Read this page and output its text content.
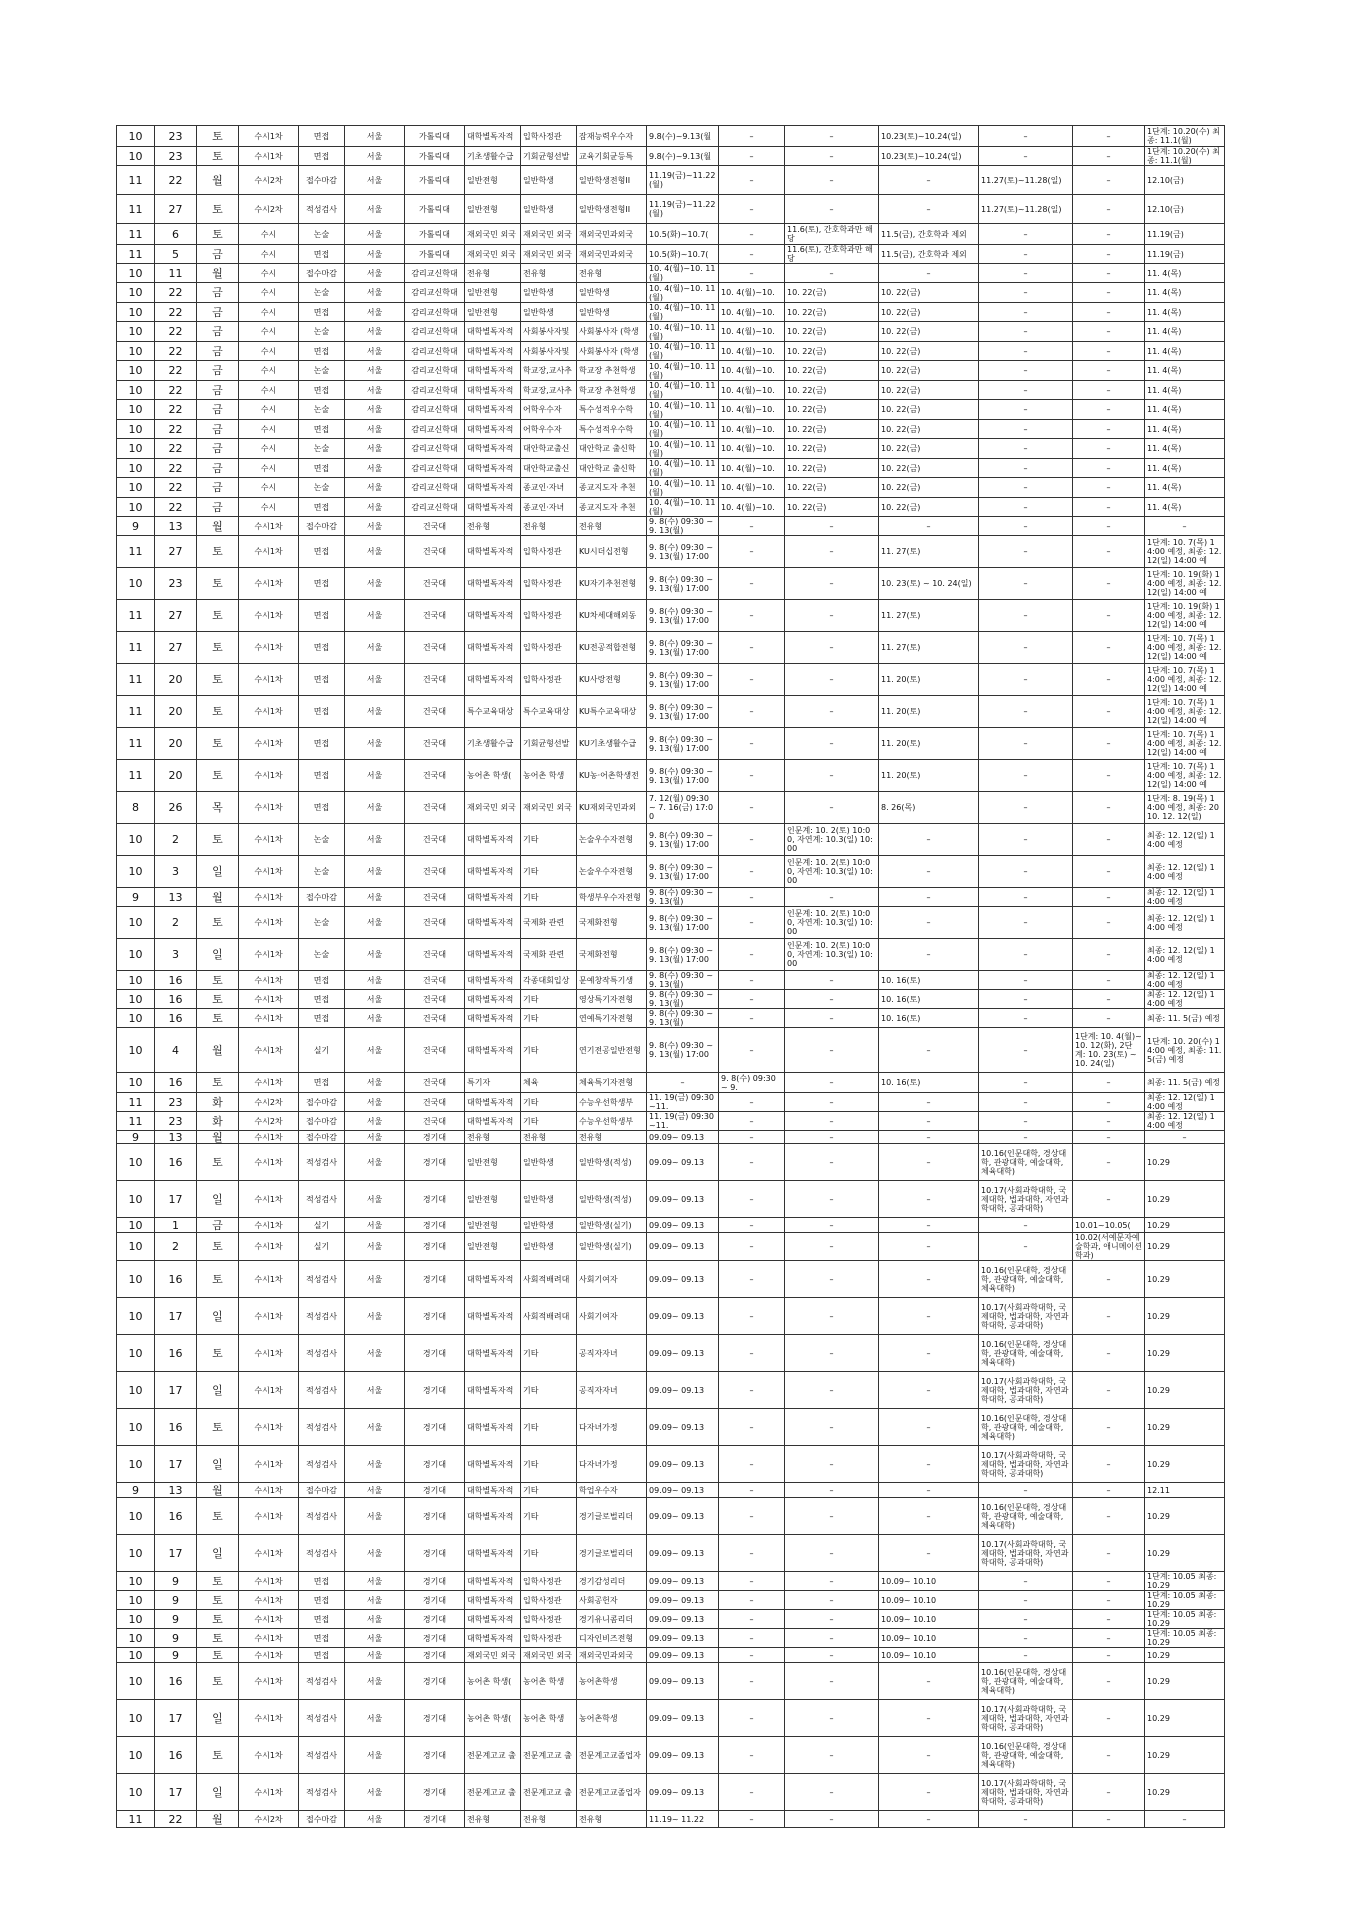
10	23	토	수시1차	면접	서울	가톨릭대	대학별독자적	입학사정관	잠재능력우수자	9.8(수)~9.13(월	–	–	10.23(토)~10.24(일)	–	–	1단계: 10.20(수) 최종: 11.1(월)
10	23	토	수시1차	면접	서울	가톨릭대	기초생활수급	기회균형선발	교육기회균등특	9.8(수)~9.13(월	–	–	10.23(토)~10.24(일)	–	–	1단계: 10.20(수) 최종: 11.1(월)
11	22	월	수시2차	접수마감	서울	가톨릭대	일반전형	일반학생	일반학생전형II	11.19(금)~11.22(월)	–	–	–	11.27(토)~11.28(일)	–	12.10(금)
11	27	토	수시2차	적성검사	서울	가톨릭대	일반전형	일반학생	일반학생전형II	11.19(금)~11.22(월)	–	–	–	11.27(토)~11.28(일)	–	12.10(금)
11	6	토	수시	논술	서울	가톨릭대	재외국민 외국	재외국민 외국	재외국민과외국	10.5(화)~10.7(	–	11.6(토), 간호학과만 해당	11.5(금), 간호학과 제외	–	–	11.19(금)
11	5	금	수시	면접	서울	가톨릭대	재외국민 외국	재외국민 외국	재외국민과외국	10.5(화)~10.7(	–	11.6(토), 간호학과만 해당	11.5(금), 간호학과 제외	–	–	11.19(금)
10	11	월	수시	접수마감	서울	감리교신학대	전유형	전유형	전유형	10. 4(월)~10. 11(월)	–	–	–	–	–	11. 4(목)
10	22	금	수시	논술	서울	감리교신학대	일반전형	일반학생	일반학생	10. 4(월)~10. 11(월)	10. 4(월)~10.	10. 22(금)	10. 22(금)	–	–	11. 4(목)
10	22	금	수시	면접	서울	감리교신학대	일반전형	일반학생	일반학생	10. 4(월)~10. 11(월)	10. 4(월)~10.	10. 22(금)	10. 22(금)	–	–	11. 4(목)
10	22	금	수시	논술	서울	감리교신학대	대학별독자적	사회봉사자및	사회봉사자 (학생	10. 4(월)~10. 11(월)	10. 4(월)~10.	10. 22(금)	10. 22(금)	–	–	11. 4(목)
10	22	금	수시	면접	서울	감리교신학대	대학별독자적	사회봉사자및	사회봉사자 (학생	10. 4(월)~10. 11(월)	10. 4(월)~10.	10. 22(금)	10. 22(금)	–	–	11. 4(목)
10	22	금	수시	논술	서울	감리교신학대	대학별독자적	학교장,교사추	학교장 추천학생	10. 4(월)~10. 11(월)	10. 4(월)~10.	10. 22(금)	10. 22(금)	–	–	11. 4(목)
10	22	금	수시	면접	서울	감리교신학대	대학별독자적	학교장,교사추	학교장 추천학생	10. 4(월)~10. 11(월)	10. 4(월)~10.	10. 22(금)	10. 22(금)	–	–	11. 4(목)
10	22	금	수시	논술	서울	감리교신학대	대학별독자적	어학우수자	특수성적우수학	10. 4(월)~10. 11(월)	10. 4(월)~10.	10. 22(금)	10. 22(금)	–	–	11. 4(목)
10	22	금	수시	면접	서울	감리교신학대	대학별독자적	어학우수자	특수성적우수학	10. 4(월)~10. 11(월)	10. 4(월)~10.	10. 22(금)	10. 22(금)	–	–	11. 4(목)
10	22	금	수시	논술	서울	감리교신학대	대학별독자적	대안학교출신	대안학교 출신학	10. 4(월)~10. 11(월)	10. 4(월)~10.	10. 22(금)	10. 22(금)	–	–	11. 4(목)
10	22	금	수시	면접	서울	감리교신학대	대학별독자적	대안학교출신	대안학교 출신학	10. 4(월)~10. 11(월)	10. 4(월)~10.	10. 22(금)	10. 22(금)	–	–	11. 4(목)
10	22	금	수시	논술	서울	감리교신학대	대학별독자적	종교인·자녀	종교지도자 추천	10. 4(월)~10. 11(월)	10. 4(월)~10.	10. 22(금)	10. 22(금)	–	–	11. 4(목)
10	22	금	수시	면접	서울	감리교신학대	대학별독자적	종교인·자녀	종교지도자 추천	10. 4(월)~10. 11(월)	10. 4(월)~10.	10. 22(금)	10. 22(금)	–	–	11. 4(목)
9	13	월	수시1차	접수마감	서울	건국대	전유형	전유형	전유형	9. 8(수) 09:30 ~ 9. 13(월)	–	–	–	–	–	–
11	27	토	수시1차	면접	서울	건국대	대학별독자적	입학사정관	KU시더십전형	9. 8(수) 09:30 ~ 9. 13(월) 17:00	–	–	11. 27(토)	–	–	1단계: 10. 7(목) 14:00 예정, 최종: 12. 12(일) 14:00 예
10	23	토	수시1차	면접	서울	건국대	대학별독자적	입학사정관	KU자기추천전형	9. 8(수) 09:30 ~ 9. 13(월) 17:00	–	–	10. 23(토) ~ 10. 24(일)	–	–	1단계: 10. 19(화) 14:00 예정, 최종: 12. 12(일) 14:00 예
11	27	토	수시1차	면접	서울	건국대	대학별독자적	입학사정관	KU차세대해외동	9. 8(수) 09:30 ~ 9. 13(월) 17:00	–	–	11. 27(토)	–	–	1단계: 10. 19(화) 14:00 예정, 최종: 12. 12(일) 14:00 예
11	27	토	수시1차	면접	서울	건국대	대학별독자적	입학사정관	KU전공적합전형	9. 8(수) 09:30 ~ 9. 13(월) 17:00	–	–	11. 27(토)	–	–	1단계: 10. 7(목) 14:00 예정, 최종: 12. 12(일) 14:00 예
11	20	토	수시1차	면접	서울	건국대	대학별독자적	입학사정관	KU사랑전형	9. 8(수) 09:30 ~ 9. 13(월) 17:00	–	–	11. 20(토)	–	–	1단계: 10. 7(목) 14:00 예정, 최종: 12. 12(일) 14:00 예
11	20	토	수시1차	면접	서울	건국대	특수교육대상	특수교육대상	KU특수교육대상	9. 8(수) 09:30 ~ 9. 13(월) 17:00	–	–	11. 20(토)	–	–	1단계: 10. 7(목) 14:00 예정, 최종: 12. 12(일) 14:00 예
11	20	토	수시1차	면접	서울	건국대	기초생활수급	기회균형선발	KU기초생활수급	9. 8(수) 09:30 ~ 9. 13(월) 17:00	–	–	11. 20(토)	–	–	1단계: 10. 7(목) 14:00 예정, 최종: 12. 12(일) 14:00 예
11	20	토	수시1차	면접	서울	건국대	농어촌 학생(	농어촌 학생	KU농·어촌학생전	9. 8(수) 09:30 ~ 9. 13(월) 17:00	–	–	11. 20(토)	–	–	1단계: 10. 7(목) 14:00 예정, 최종: 12. 12(일) 14:00 예
8	26	목	수시1차	면접	서울	건국대	재외국민 외국	재외국민 외국	KU재외국민과외	7. 12(월) 09:30 ~ 7. 16(금) 17:00	–	–	8. 26(목)	–	–	1단계: 8. 19(목) 14:00 예정, 최종: 2010. 12. 12(일)
10	2	토	수시1차	논술	서울	건국대	대학별독자적	기타	논술우수자전형	9. 8(수) 09:30 ~ 9. 13(월) 17:00	–	인문계: 10. 2(토) 10:00, 자연계: 10.3(일) 10:00	–	–	–	최종: 12. 12(일) 14:00 예정
10	3	일	수시1차	논술	서울	건국대	대학별독자적	기타	논술우수자전형	9. 8(수) 09:30 ~ 9. 13(월) 17:00	–	인문계: 10. 2(토) 10:00, 자연계: 10.3(일) 10:00	–	–	–	최종: 12. 12(일) 14:00 예정
9	13	월	수시1차	접수마감	서울	건국대	대학별독자적	기타	학생부우수자전형	9. 8(수) 09:30 ~ 9. 13(월)	–	–	–	–	–	최종: 12. 12(일) 14:00 예정
10	2	토	수시1차	논술	서울	건국대	대학별독자적	국제화 관련	국제화전형	9. 8(수) 09:30 ~ 9. 13(월) 17:00	–	인문계: 10. 2(토) 10:00, 자연계: 10.3(일) 10:00	–	–	–	최종: 12. 12(일) 14:00 예정
10	3	일	수시1차	논술	서울	건국대	대학별독자적	국제화 관련	국제화전형	9. 8(수) 09:30 ~ 9. 13(월) 17:00	–	인문계: 10. 2(토) 10:00, 자연계: 10.3(일) 10:00	–	–	–	최종: 12. 12(일) 14:00 예정
10	16	토	수시1차	면접	서울	건국대	대학별독자적	각종대회입상	문예창작특기생	9. 8(수) 09:30 ~ 9. 13(월)	–	–	10. 16(토)	–	–	최종: 12. 12(일) 14:00 예정
10	16	토	수시1차	면접	서울	건국대	대학별독자적	기타	영상특기자전형	9. 8(수) 09:30 ~ 9. 13(월)	–	–	10. 16(토)	–	–	최종: 12. 12(일) 14:00 예정
10	16	토	수시1차	면접	서울	건국대	대학별독자적	기타	연예특기자전형	9. 8(수) 09:30 ~ 9. 13(월)	–	–	10. 16(토)	–	–	최종: 11. 5(금) 예정
10	4	월	수시1차	실기	서울	건국대	대학별독자적	기타	연기전공일반전형	9. 8(수) 09:30 ~ 9. 13(월) 17:00	–	–	–	–	1단계: 10. 4(월)~ 10. 12(화), 2단계: 10. 23(토) ~ 10. 24(일)	1단계: 10. 20(수) 14:00 예정, 최종: 11. 5(금) 예정
10	16	토	수시1차	면접	서울	건국대	특기자	체육	체육특기자전형	–	9. 8(수) 09:30 ~ 9.	–	10. 16(토)	–	–	최종: 11. 5(금) 예정
11	23	화	수시2차	접수마감	서울	건국대	대학별독자적	기타	수능우선학생부	11. 19(금) 09:30 ~11.	–	–	–	–	–	최종: 12. 12(일) 14:00 예정
11	23	화	수시2차	접수마감	서울	건국대	대학별독자적	기타	수능우선학생부	11. 19(금) 09:30 ~11.	–	–	–	–	–	최종: 12. 12(일) 14:00 예정
9	13	월	수시1차	접수마감	서울	경기대	전유형	전유형	전유형	09.09~ 09.13	–	–	–	–	–	–
10	16	토	수시1차	적성검사	서울	경기대	일반전형	일반학생	일반학생(적성)	09.09~ 09.13	–	–	–	10.16(인문대학, 경상대학, 관광대학, 예술대학, 체육대학)	–	10.29
10	17	일	수시1차	적성검사	서울	경기대	일반전형	일반학생	일반학생(적성)	09.09~ 09.13	–	–	–	10.17(사회과학대학, 국제대학, 법과대학, 자연과학대학, 공과대학)	–	10.29
10	1	금	수시1차	실기	서울	경기대	일반전형	일반학생	일반학생(실기)	09.09~ 09.13	–	–	–	–	10.01~10.05(	10.29
10	2	토	수시1차	실기	서울	경기대	일반전형	일반학생	일반학생(실기)	09.09~ 09.13	–	–	–	–	10.02(서예문자예술학과, 애니메이션학과)	10.29
10	16	토	수시1차	적성검사	서울	경기대	대학별독자적	사회적배려대	사회기여자	09.09~ 09.13	–	–	–	10.16(인문대학, 경상대학, 관광대학, 예술대학, 체육대학)	–	10.29
10	17	일	수시1차	적성검사	서울	경기대	대학별독자적	사회적배려대	사회기여자	09.09~ 09.13	–	–	–	10.17(사회과학대학, 국제대학, 법과대학, 자연과학대학, 공과대학)	–	10.29
10	16	토	수시1차	적성검사	서울	경기대	대학별독자적	기타	공직자자녀	09.09~ 09.13	–	–	–	10.16(인문대학, 경상대학, 관광대학, 예술대학, 체육대학)	–	10.29
10	17	일	수시1차	적성검사	서울	경기대	대학별독자적	기타	공직자자녀	09.09~ 09.13	–	–	–	10.17(사회과학대학, 국제대학, 법과대학, 자연과학대학, 공과대학)	–	10.29
10	16	토	수시1차	적성검사	서울	경기대	대학별독자적	기타	다자녀가정	09.09~ 09.13	–	–	–	10.16(인문대학, 경상대학, 관광대학, 예술대학, 체육대학)	–	10.29
10	17	일	수시1차	적성검사	서울	경기대	대학별독자적	기타	다자녀가정	09.09~ 09.13	–	–	–	10.17(사회과학대학, 국제대학, 법과대학, 자연과학대학, 공과대학)	–	10.29
9	13	월	수시1차	접수마감	서울	경기대	대학별독자적	기타	학업우수자	09.09~ 09.13	–	–	–	–	–	12.11
10	16	토	수시1차	적성검사	서울	경기대	대학별독자적	기타	경기글로벌리더	09.09~ 09.13	–	–	–	10.16(인문대학, 경상대학, 관광대학, 예술대학, 체육대학)	–	10.29
10	17	일	수시1차	적성검사	서울	경기대	대학별독자적	기타	경기글로벌리더	09.09~ 09.13	–	–	–	10.17(사회과학대학, 국제대학, 법과대학, 자연과학대학, 공과대학)	–	10.29
10	9	토	수시1차	면접	서울	경기대	대학별독자적	입학사정관	경기감성리더	09.09~ 09.13	–	–	10.09~ 10.10	–	–	1단계: 10.05 최종: 10.29
10	9	토	수시1차	면접	서울	경기대	대학별독자적	입학사정관	사회공헌자	09.09~ 09.13	–	–	10.09~ 10.10	–	–	1단계: 10.05 최종: 10.29
10	9	토	수시1차	면접	서울	경기대	대학별독자적	입학사정관	경기유니콤리더	09.09~ 09.13	–	–	10.09~ 10.10	–	–	1단계: 10.05 최종: 10.29
10	9	토	수시1차	면접	서울	경기대	대학별독자적	입학사정관	디자인비즈전형	09.09~ 09.13	–	–	10.09~ 10.10	–	–	1단계: 10.05 최종: 10.29
10	9	토	수시1차	면접	서울	경기대	재외국민 외국	재외국민 외국	재외국민과외국	09.09~ 09.13	–	–	10.09~ 10.10	–	–	10.29
10	16	토	수시1차	적성검사	서울	경기대	농어촌 학생(	농어촌 학생	농어촌학생	09.09~ 09.13	–	–	–	10.16(인문대학, 경상대학, 관광대학, 예술대학, 체육대학)	–	10.29
10	17	일	수시1차	적성검사	서울	경기대	농어촌 학생(	농어촌 학생	농어촌학생	09.09~ 09.13	–	–	–	10.17(사회과학대학, 국제대학, 법과대학, 자연과학대학, 공과대학)	–	10.29
10	16	토	수시1차	적성검사	서울	경기대	전문계고교 출	전문계고교 출	전문계고교졸업자	09.09~ 09.13	–	–	–	10.16(인문대학, 경상대학, 관광대학, 예술대학, 체육대학)	–	10.29
10	17	일	수시1차	적성검사	서울	경기대	전문계고교 출	전문계고교 출	전문계고교졸업자	09.09~ 09.13	–	–	–	10.17(사회과학대학, 국제대학, 법과대학, 자연과학대학, 공과대학)	–	10.29
11	22	월	수시2차	접수마감	서울	경기대	전유형	전유형	전유형	11.19~ 11.22	–	–	–	–	–	–
